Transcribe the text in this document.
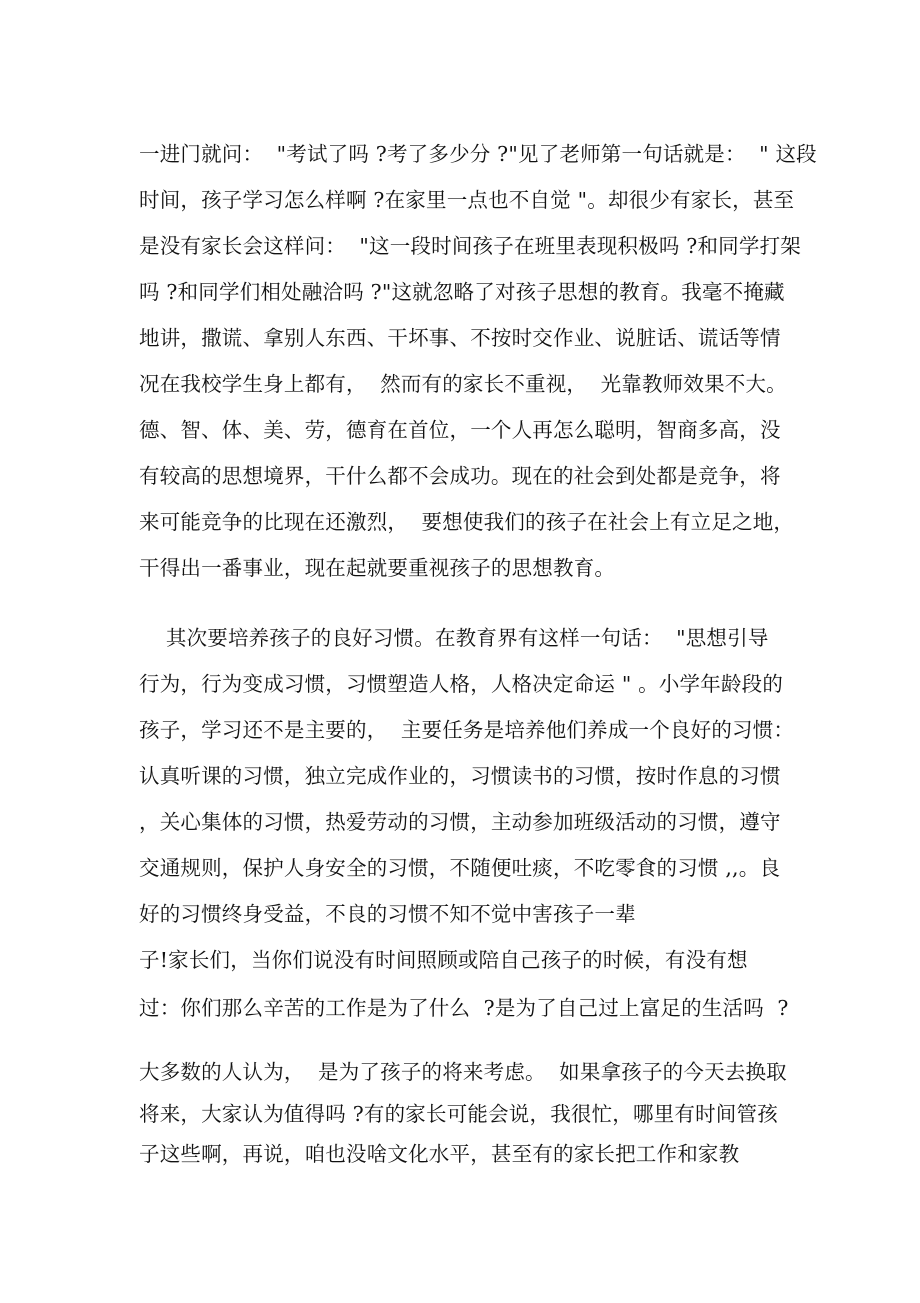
一进门就问：  "考试了吗 ?考了多少分 ?"见了老师第一句话就是：  " 这段
时间，孩子学习怎么样啊 ?在家里一点也不自觉 "。却很少有家长，甚至
是没有家长会这样问：  "这一段时间孩子在班里表现积极吗 ?和同学打架
吗 ?和同学们相处融洽吗 ?"这就忽略了对孩子思想的教育。我毫不掩藏
地讲，撒谎、拿别人东西、干坏事、不按时交作业、说脏话、谎话等情
况在我校学生身上都有，  然而有的家长不重视，  光靠教师效果不大。
德、智、体、美、劳，德育在首位，一个人再怎么聪明，智商多高，没
有较高的思想境界，干什么都不会成功。现在的社会到处都是竞争，将
来可能竞争的比现在还激烈，  要想使我们的孩子在社会上有立足之地，
干得出一番事业，现在起就要重视孩子的思想教育。
其次要培养孩子的良好习惯。在教育界有这样一句话：  "思想引导
行为，行为变成习惯，习惯塑造人格，人格决定命运 " 。小学年龄段的
孩子，学习还不是主要的，  主要任务是培养他们养成一个良好的习惯：
认真听课的习惯，独立完成作业的，习惯读书的习惯，按时作息的习惯
，关心集体的习惯，热爱劳动的习惯，主动参加班级活动的习惯，遵守
交通规则，保护人身安全的习惯，不随便吐痰，不吃零食的习惯 ,,。良
好的习惯终身受益，不良的习惯不知不觉中害孩子一辈
子!家长们，当你们说没有时间照顾或陪自己孩子的时候，有没有想
过：你们那么辛苦的工作是为了什么  ?是为了自己过上富足的生活吗  ?
大多数的人认为，  是为了孩子的将来考虑。  如果拿孩子的今天去换取
将来，大家认为值得吗 ?有的家长可能会说，我很忙，哪里有时间管孩
子这些啊，再说，咱也没啥文化水平，甚至有的家长把工作和家教
